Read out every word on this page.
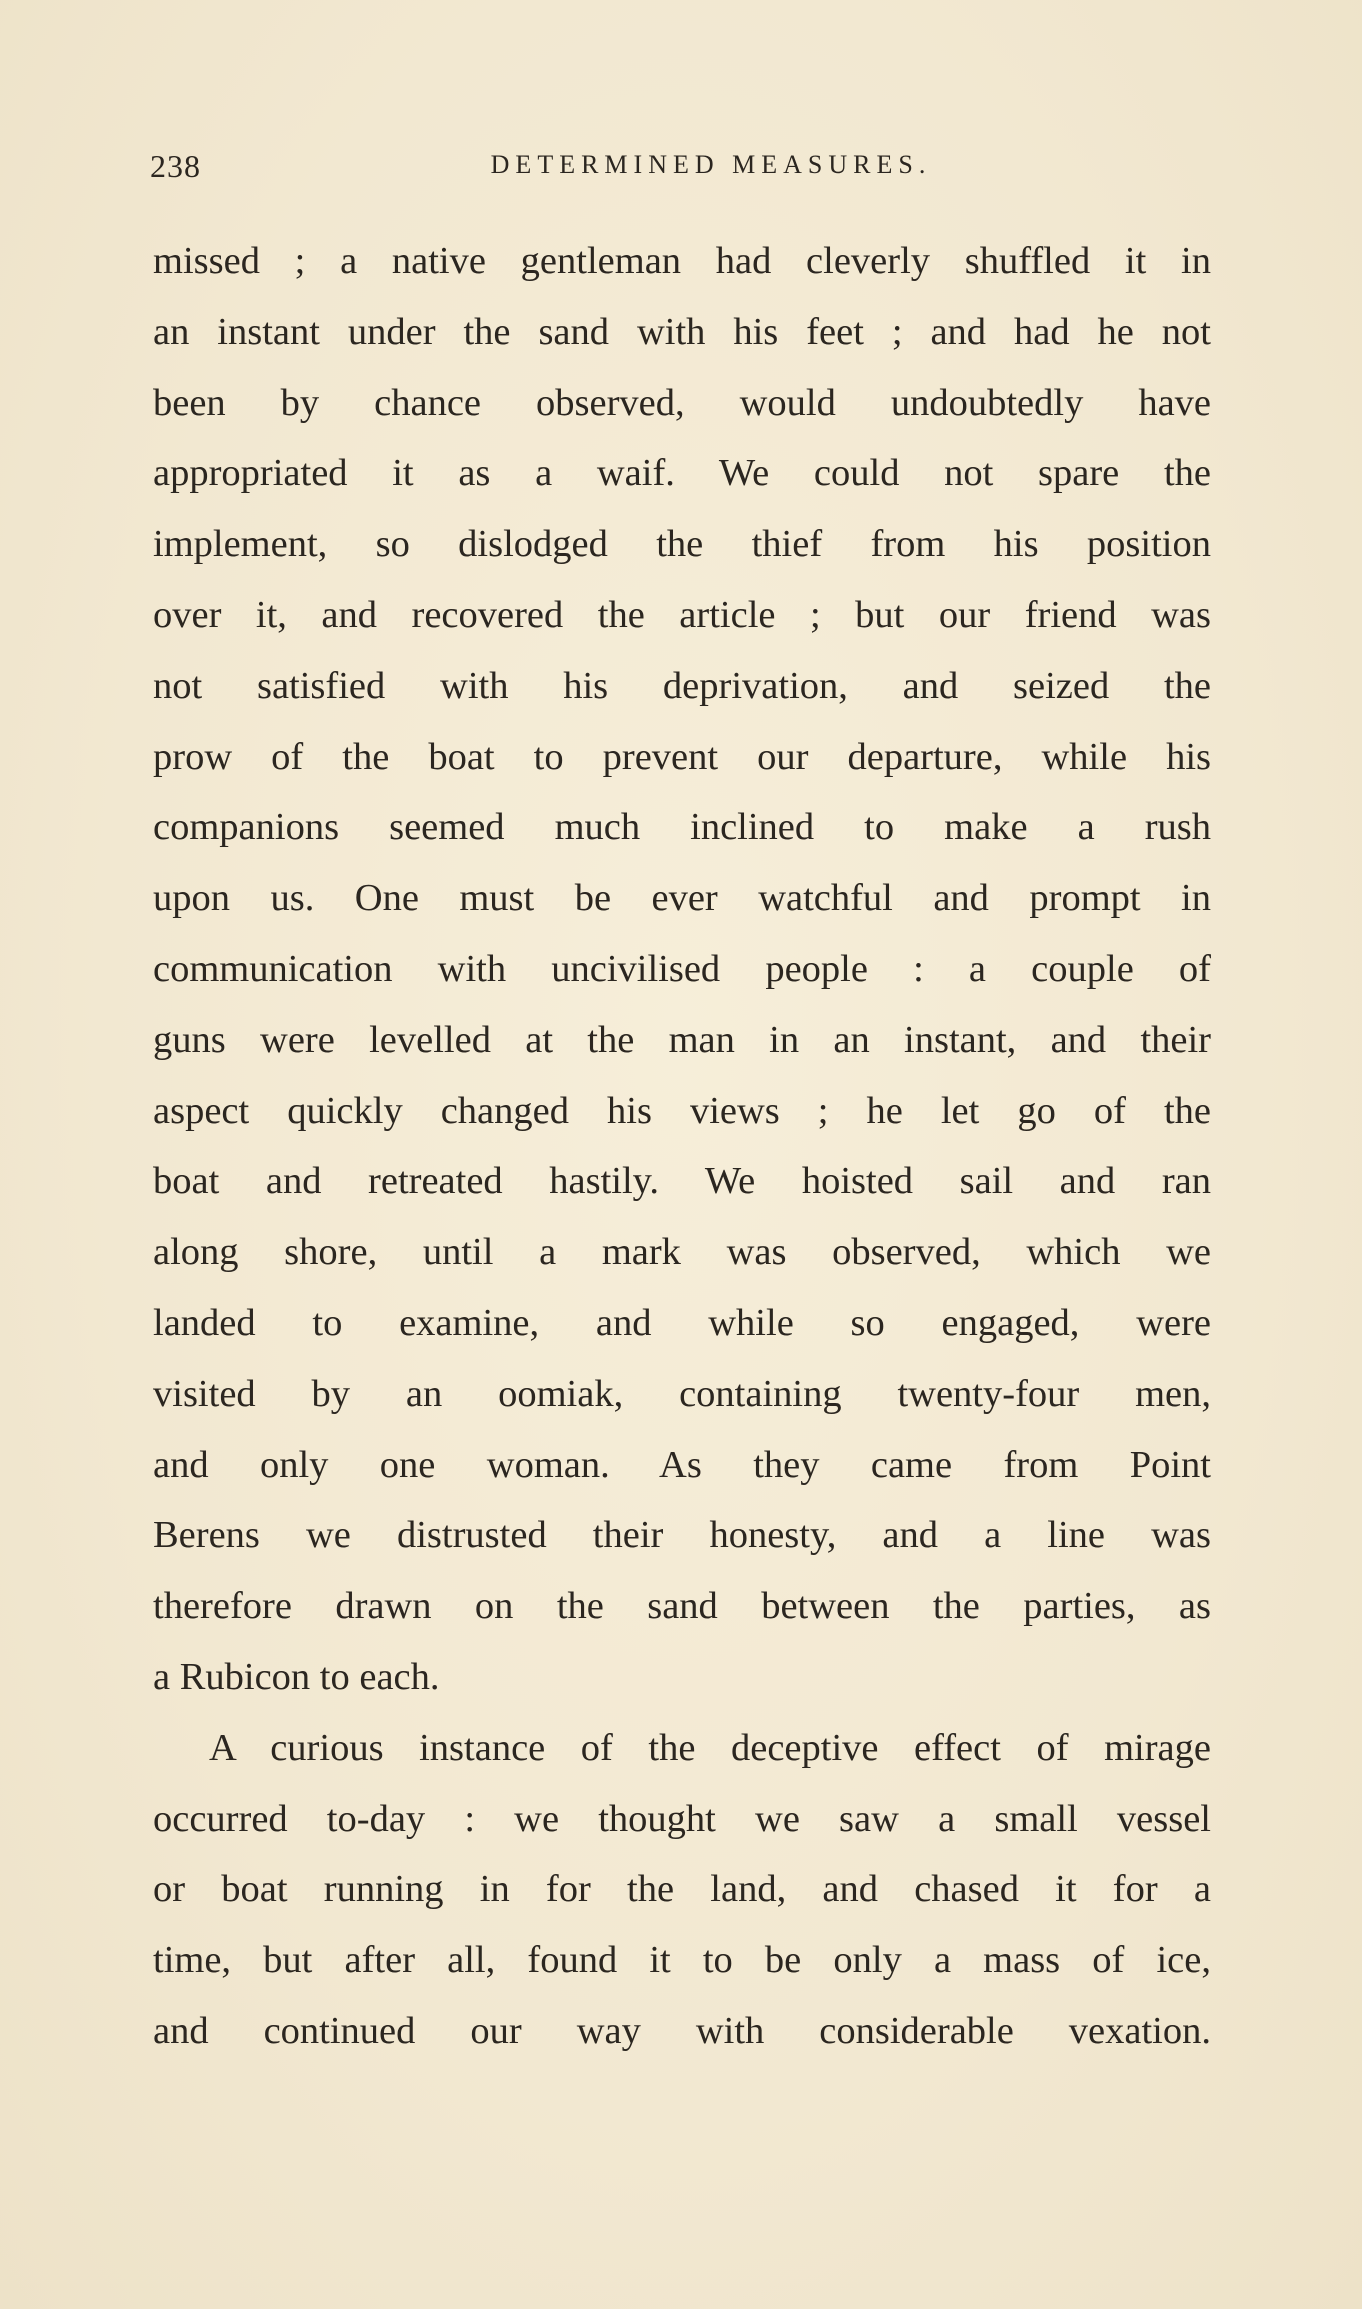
238	DETERMINED MEASURES.
missed ; a native gentleman had cleverly shuffled it in
an instant under the sand with his feet ; and had he not
been by chance observed, would undoubtedly have
appropriated it as a waif. We could not spare the
implement, so dislodged the thief from his position
over it, and recovered the article ; but our friend was
not satisfied with his deprivation, and seized the
prow of the boat to prevent our departure, while his
companions seemed much inclined to make a rush
upon us. One must be ever watchful and prompt in
communication with uncivilised people : a couple of
guns were levelled at the man in an instant, and their
aspect quickly changed his views ; he let go of the
boat and retreated hastily. We hoisted sail and ran
along shore, until a mark was observed, which we
landed to examine, and while so engaged, were
visited by an oomiak, containing twenty-four men,
and only one woman. As they came from Point
Berens we distrusted their honesty, and a line was
therefore drawn on the sand between the parties, as
a Rubicon to each.
A curious instance of the deceptive effect of mirage
occurred to-day : we thought we saw a small vessel
or boat running in for the land, and chased it for a
time, but after all, found it to be only a mass of ice,
and continued our way with considerable vexation.
